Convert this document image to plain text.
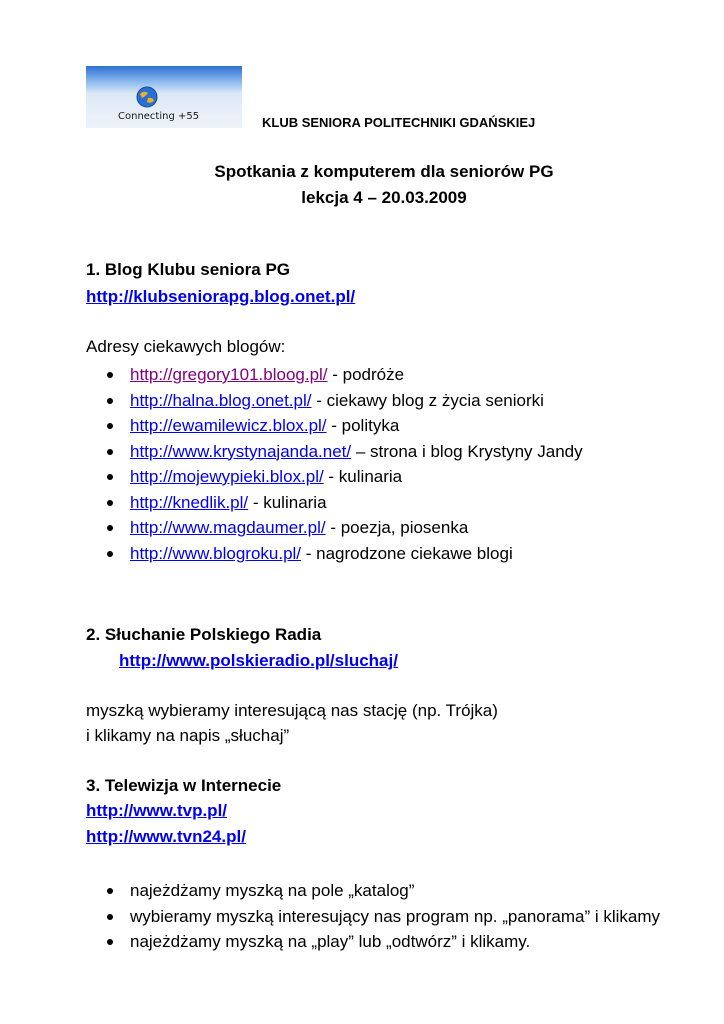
Connecting +55	KLUB SENIORA POLITECHNIKI GDAŃSKIEJ
Spotkania z komputerem dla seniorów PG
lekcja 4 – 20.03.2009
1. Blog Klubu seniora PG
http://klubseniorapg.blog.onet.pl/
Adresy ciekawych blogów:
http://gregory101.bloog.pl/ - podróże
http://halna.blog.onet.pl/ - ciekawy blog z życia seniorki
http://ewamilewicz.blox.pl/ - polityka
http://www.krystynajanda.net/ – strona i blog Krystyny Jandy
http://mojewypieki.blox.pl/ - kulinaria
http://knedlik.pl/ - kulinaria
http://www.magdaumer.pl/ - poezja, piosenka
http://www.blogroku.pl/ - nagrodzone ciekawe blogi
2. Słuchanie Polskiego Radia
http://www.polskieradio.pl/sluchaj/
myszką wybieramy interesującą nas stację (np. Trójka)
i klikamy na napis „słuchaj”
3. Telewizja w Internecie
http://www.tvp.pl/
http://www.tvn24.pl/
najeżdżamy myszką na pole „katalog”
wybieramy myszką interesujący nas program np. „panorama” i klikamy
najeżdżamy myszką na „play” lub „odtwórz” i klikamy.
